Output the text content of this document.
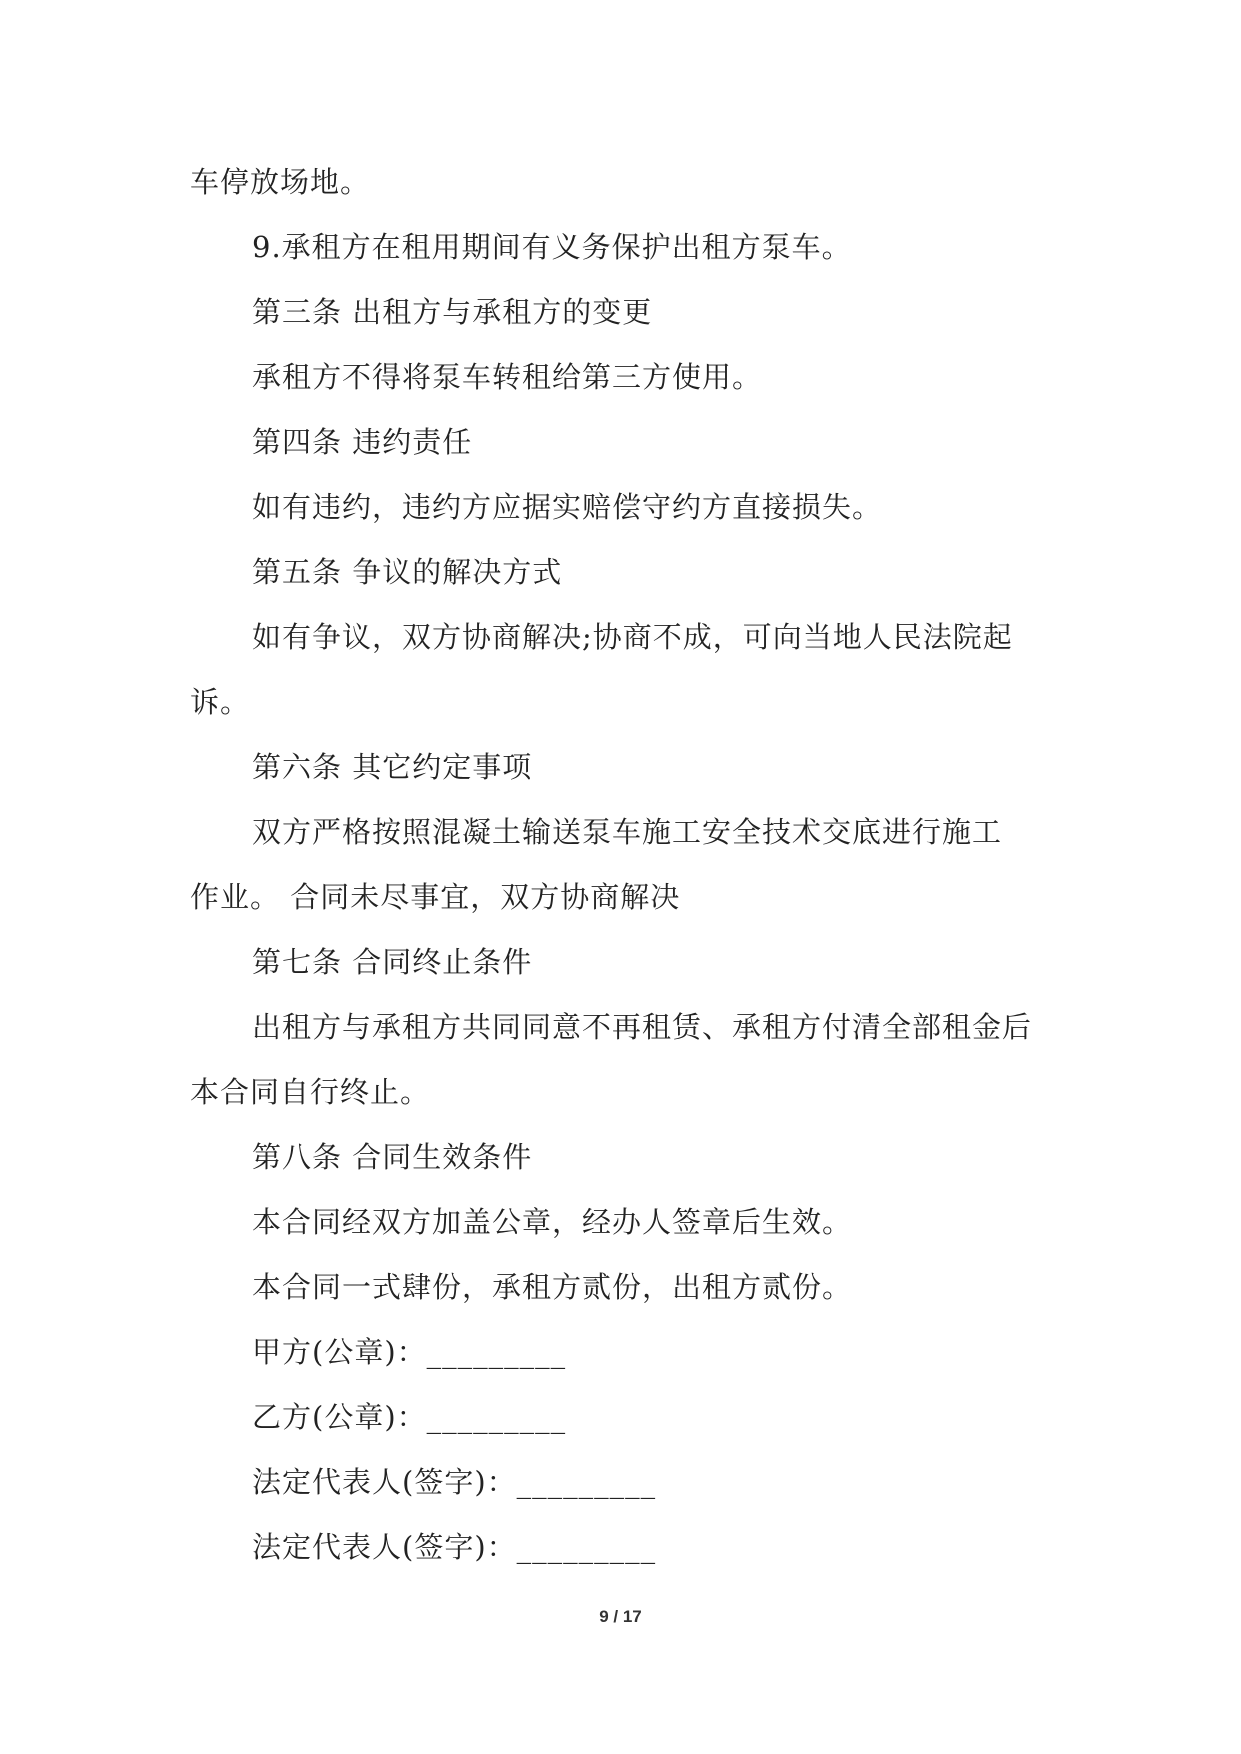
车停放场地。
9.承租方在租用期间有义务保护出租方泵车。
第三条 出租方与承租方的变更
承租方不得将泵车转租给第三方使用。
第四条 违约责任
如有违约，违约方应据实赔偿守约方直接损失。
第五条 争议的解决方式
如有争议，双方协商解决;协商不成，可向当地人民法院起
诉。
第六条 其它约定事项
双方严格按照混凝土输送泵车施工安全技术交底进行施工
作业。 合同未尽事宜，双方协商解决
第七条 合同终止条件
出租方与承租方共同同意不再租赁、承租方付清全部租金后
本合同自行终止。
第八条 合同生效条件
本合同经双方加盖公章，经办人签章后生效。
本合同一式肆份，承租方贰份，出租方贰份。
甲方(公章)：_________
乙方(公章)：_________
法定代表人(签字)：_________
法定代表人(签字)：_________
9 / 17
